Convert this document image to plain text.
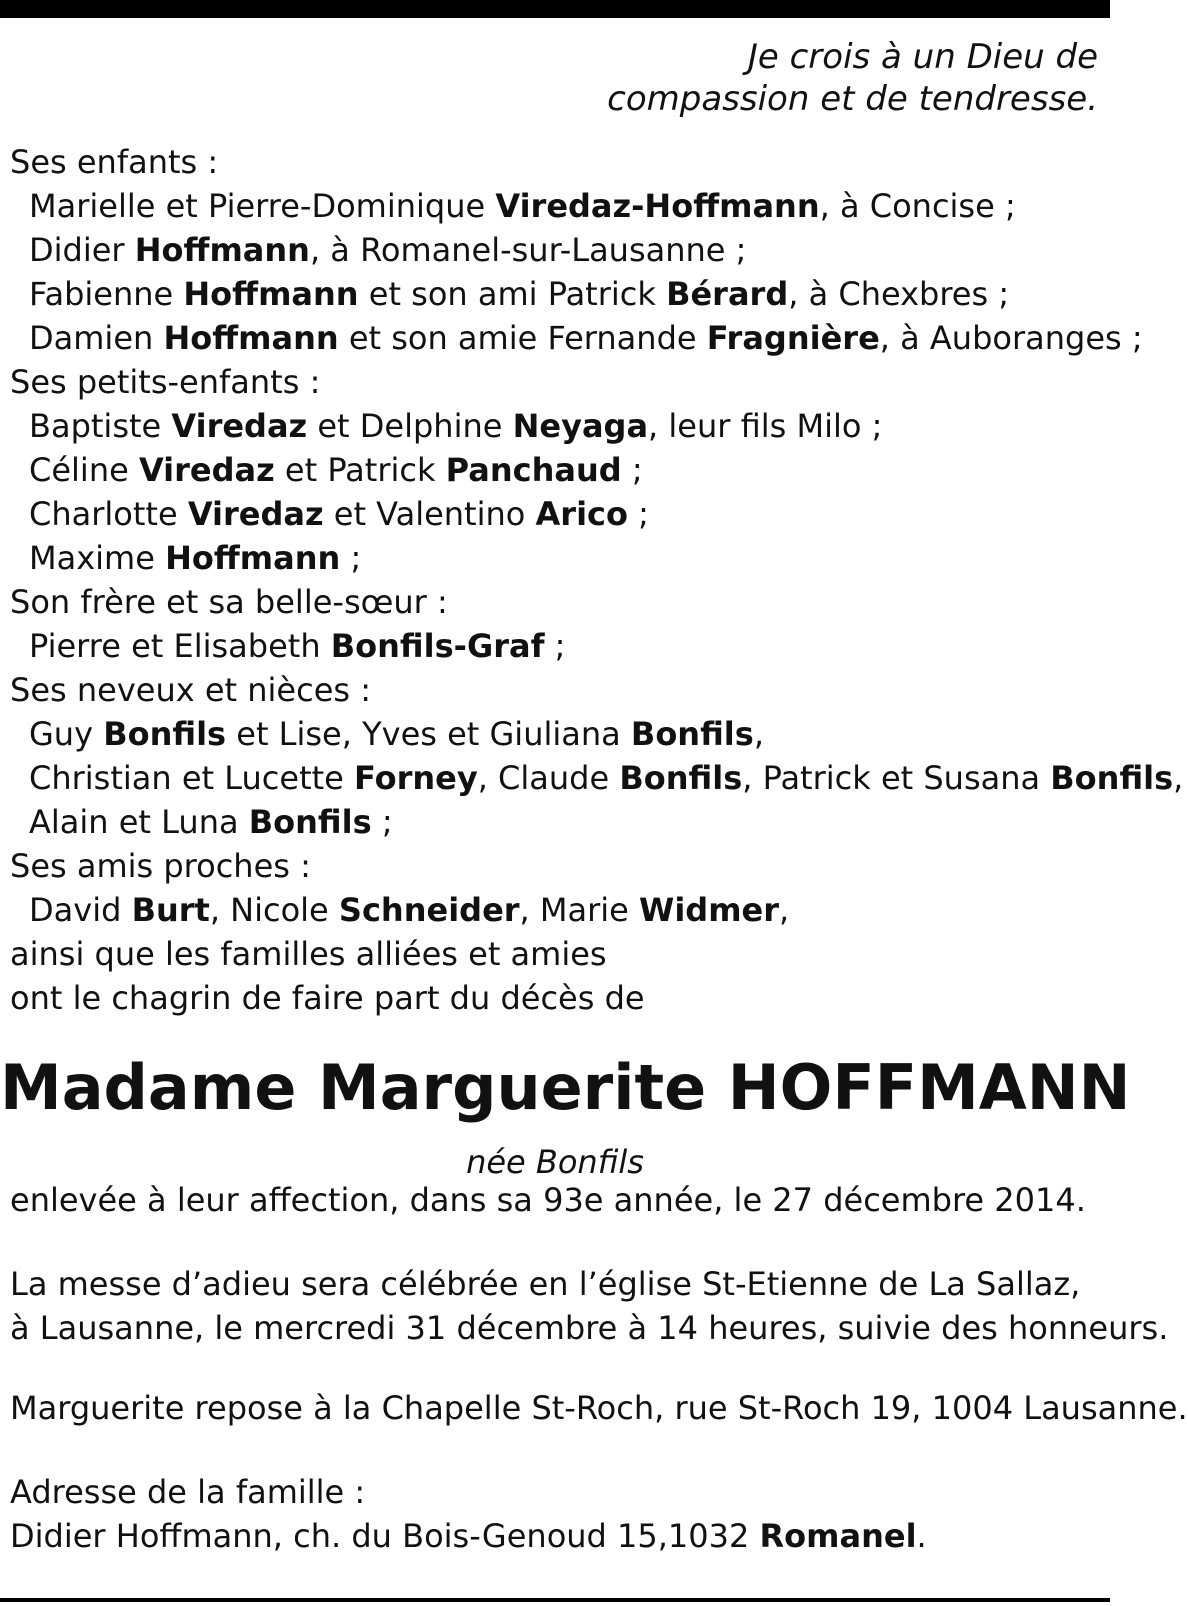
Je crois à un Dieu de
compassion et de tendresse.
Ses enfants :
Marielle et Pierre-Dominique Viredaz-Hoffmann, à Concise ;
Didier Hoffmann, à Romanel-sur-Lausanne ;
Fabienne Hoffmann et son ami Patrick Bérard, à Chexbres ;
Damien Hoffmann et son amie Fernande Fragnière, à Auboranges ;
Ses petits-enfants :
Baptiste Viredaz et Delphine Neyaga, leur fils Milo ;
Céline Viredaz et Patrick Panchaud ;
Charlotte Viredaz et Valentino Arico ;
Maxime Hoffmann ;
Son frère et sa belle-sœur :
Pierre et Elisabeth Bonfils-Graf ;
Ses neveux et nièces :
Guy Bonfils et Lise, Yves et Giuliana Bonfils,
Christian et Lucette Forney, Claude Bonfils, Patrick et Susana Bonfils,
Alain et Luna Bonfils ;
Ses amis proches :
David Burt, Nicole Schneider, Marie Widmer,
ainsi que les familles alliées et amies
ont le chagrin de faire part du décès de
Madame Marguerite HOFFMANN
née Bonfils
enlevée à leur affection, dans sa 93e année, le 27 décembre 2014.
La messe d’adieu sera célébrée en l’église St-Etienne de La Sallaz,
à Lausanne, le mercredi 31 décembre à 14 heures, suivie des honneurs.
Marguerite repose à la Chapelle St-Roch, rue St-Roch 19, 1004 Lausanne.
Adresse de la famille :
Didier Hoffmann, ch. du Bois-Genoud 15,1032 Romanel.
